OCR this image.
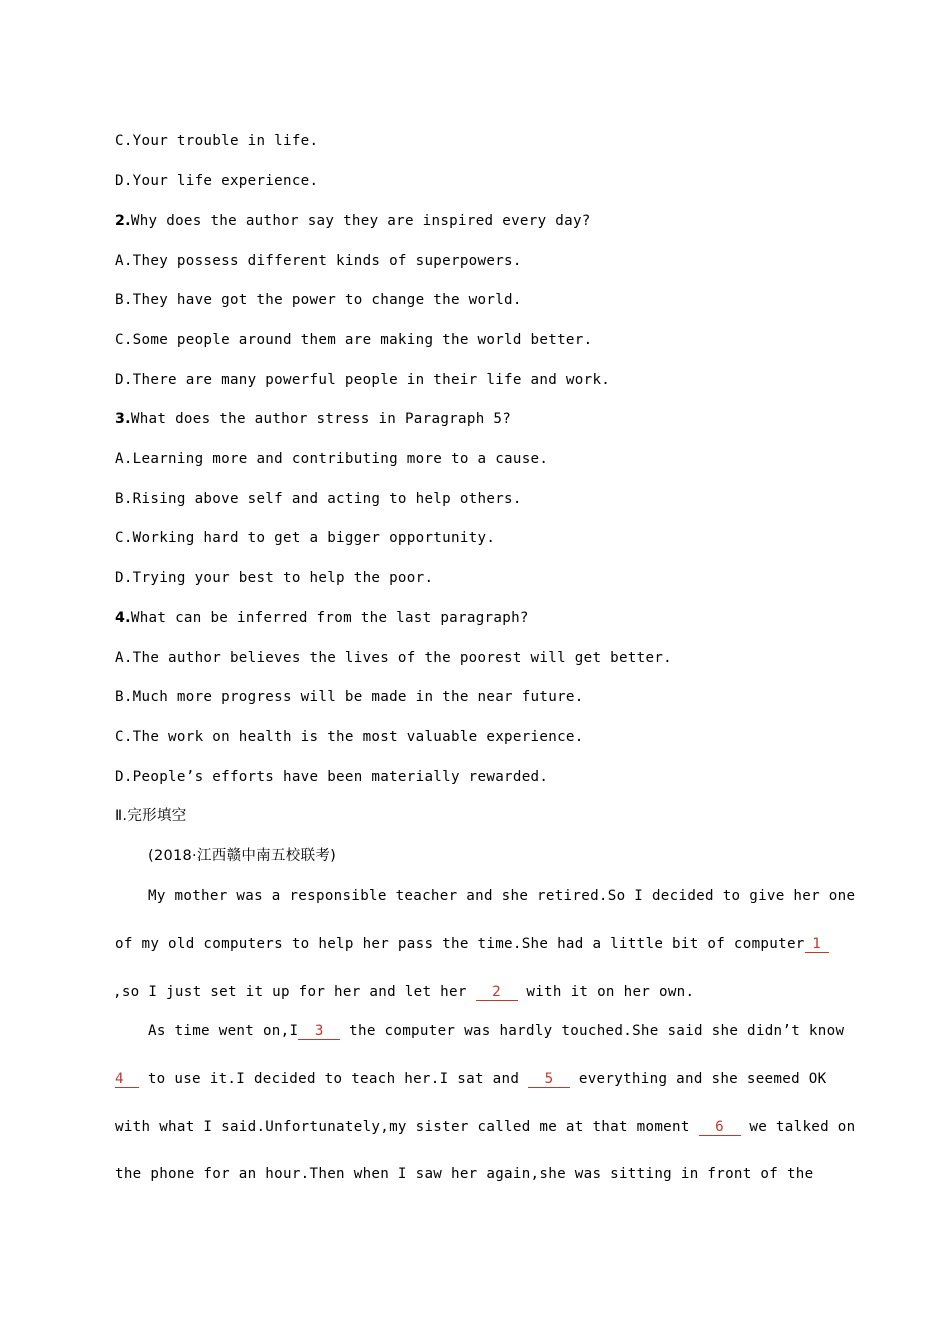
C.Your trouble in life.
D.Your life experience.
2.Why does the author say they are inspired every day?
A.They possess different kinds of superpowers.
B.They have got the power to change the world.
C.Some people around them are making the world better.
D.There are many powerful people in their life and work.
3.What does the author stress in Paragraph 5?
A.Learning more and contributing more to a cause.
B.Rising above self and acting to help others.
C.Working hard to get a bigger opportunity.
D.Trying your best to help the poor.
4.What can be inferred from the last paragraph?
A.The author believes the lives of the poorest will get better.
B.Much more progress will be made in the near future.
C.The work on health is the most valuable experience.
D.People’s efforts have been materially rewarded.
Ⅱ.完形填空
(2018·江西赣中南五校联考)
My mother was a responsible teacher and she retired.So I decided to give her one
of my old computers to help her pass the time.She had a little bit of computer 1
,so I just set it up for her and let her 2 with it on her own.
As time went on,I 3 the computer was hardly touched.She said she didn’t know
4 to use it.I decided to teach her.I sat and 5 everything and she seemed OK
with what I said.Unfortunately,my sister called me at that moment 6 we talked on
the phone for an hour.Then when I saw her again,she was sitting in front of the
